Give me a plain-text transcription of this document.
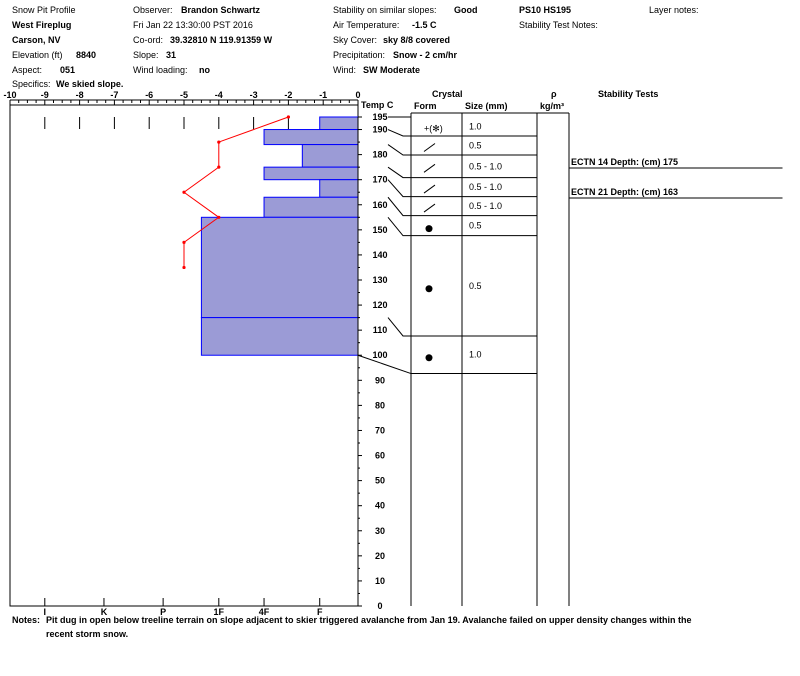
Snow Pit Profile
West Fireplug
Carson, NV
Elevation (ft) 8840
Aspect: 051
Specifics: We skied slope.
Observer: Brandon Schwartz
Fri Jan 22 13:30:00 PST 2016
Co-ord: 39.32810 N 119.91359 W
Slope: 31
Wind loading: no
Stability on similar slopes: Good
Air Temperature: -1.5 C
Sky Cover: sky 8/8 covered
Precipitation: Snow - 2 cm/hr
Wind: SW Moderate
PS10 HS195
Stability Test Notes:
Layer notes:
Crystal
Form	Size (mm)
ρ
kg/m³
Stability Tests
Temp C
-10	-9	-8	-7	-6	-5	-4	-3	-2	-1	0
I	K	P	1F	4F	F
0
10
20
30
40
50
60
70
80
90
100
110
120
130
140
150
160
170
180
190
195
+(✻)	1.0
0.5
0.5 - 1.0
0.5 - 1.0
0.5 - 1.0
0.5
0.5
1.0
ECTN 14 Depth: (cm) 175
ECTN 21 Depth: (cm) 163
Notes: Pit dug in open below treeline terrain on slope adjacent to skier triggered avalanche from Jan 19. Avalanche failed on upper density changes within the
recent storm snow.
